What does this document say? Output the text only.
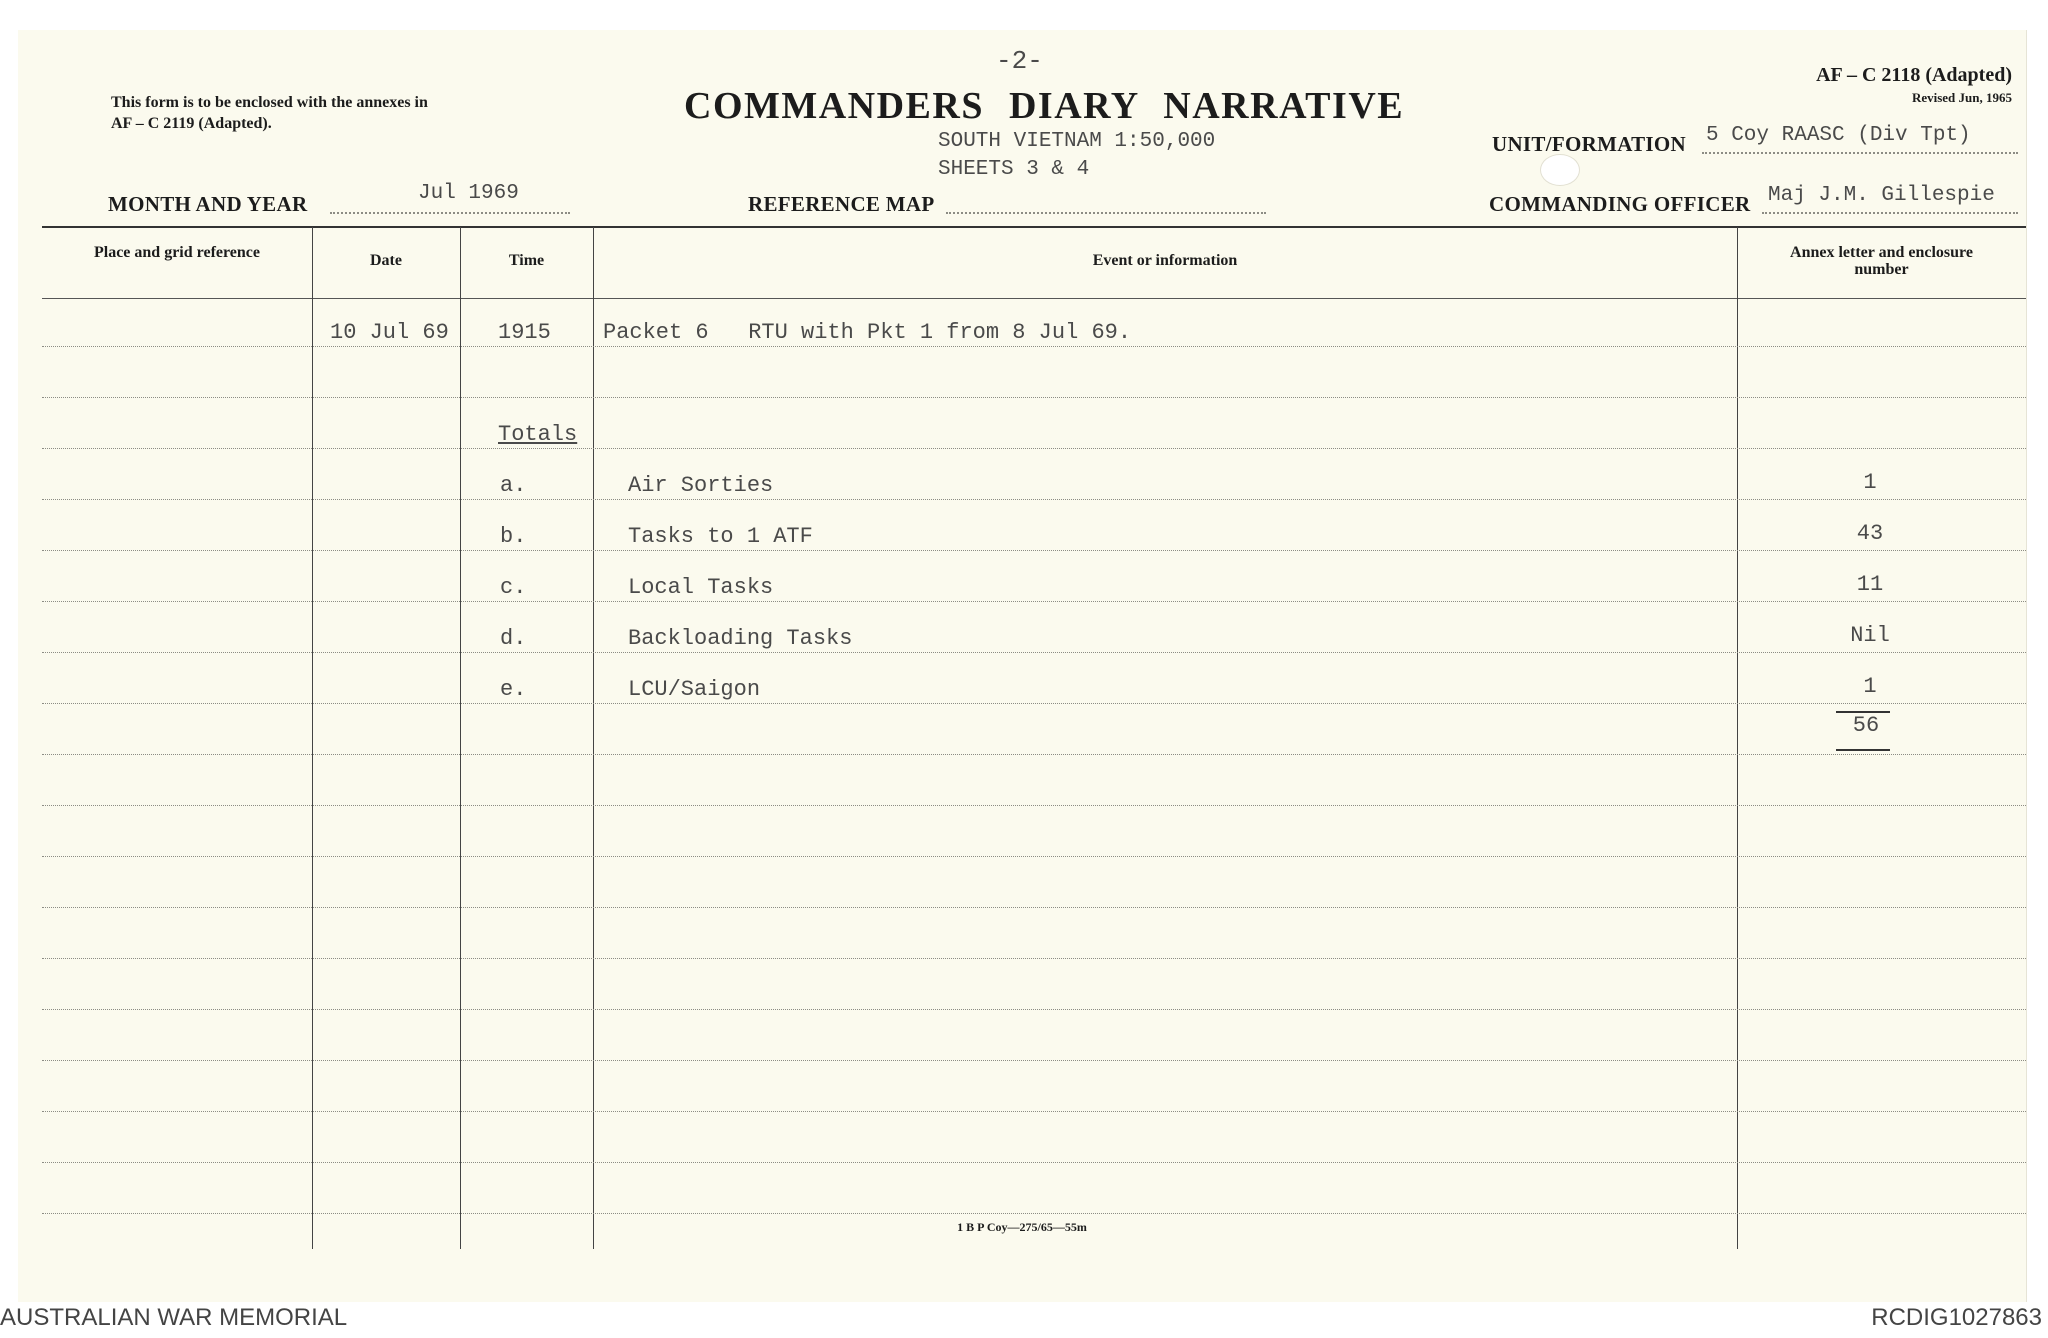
This form is to be enclosed with the annexes in AF – C 2119 (Adapted).
-2-
COMMANDERS DIARY NARRATIVE
AF – C 2118 (Adapted)
Revised Jun, 1965
MONTH AND YEAR	Jul 1969
SOUTH VIETNAM 1:50,000
SHEETS 3 & 4
REFERENCE MAP
UNIT/FORMATION 5 Coy RAASC (Div Tpt)
COMMANDING OFFICER Maj J.M. Gillespie
Place and grid reference	Date	Time	Event or information	Annex letter and enclosure number
10 Jul 69 1915 Packet 6   RTU with Pkt 1 from 8 Jul 69.
Totals
a.	Air Sorties	1
b.	Tasks to 1 ATF	43
c.	Local Tasks	11
d.	Backloading Tasks	Nil
e.	LCU/Saigon	1
56
1 B P Coy—275/65—55m
AUSTRALIAN WAR MEMORIAL	RCDIG1027863
